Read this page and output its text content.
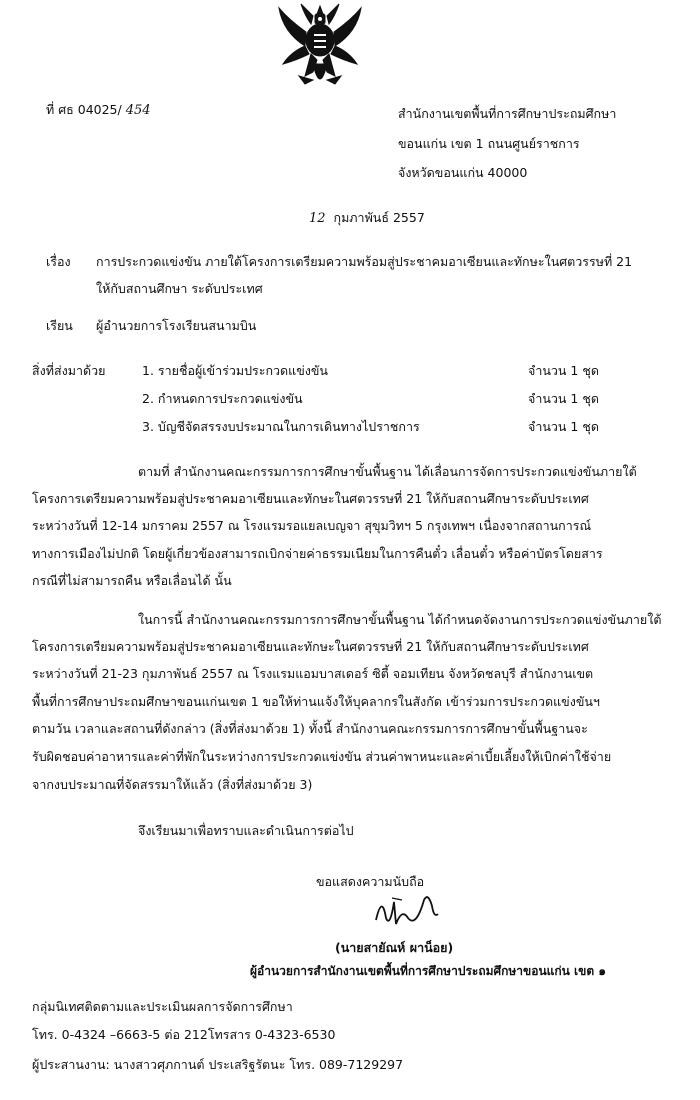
ที่ ศธ 04025/ 454	สำนักงานเขตพื้นที่การศึกษาประถมศึกษา
ขอนแก่น เขต 1 ถนนศูนย์ราชการ
จังหวัดขอนแก่น 40000
12 กุมภาพันธ์ 2557
เรื่อง การประกวดแข่งขัน ภายใต้โครงการเตรียมความพร้อมสู่ประชาคมอาเซียนและทักษะในศตวรรษที่ 21
ให้กับสถานศึกษา ระดับประเทศ
เรียน ผู้อำนวยการโรงเรียนสนามบิน
สิ่งที่ส่งมาด้วย	1. รายชื่อผู้เข้าร่วมประกวดแข่งขัน	จำนวน 1 ชุด
2. กำหนดการประกวดแข่งขัน	จำนวน 1 ชุด
3. บัญชีจัดสรรงบประมาณในการเดินทางไปราชการ	จำนวน 1 ชุด
ตามที่ สำนักงานคณะกรรมการการศึกษาขั้นพื้นฐาน ได้เลื่อนการจัดการประกวดแข่งขันภายใต้
โครงการเตรียมความพร้อมสู่ประชาคมอาเซียนและทักษะในศตวรรษที่ 21 ให้กับสถานศึกษาระดับประเทศ
ระหว่างวันที่ 12-14 มกราคม 2557 ณ โรงแรมรอแยลเบญจา สุขุมวิทฯ 5 กรุงเทพฯ เนื่องจากสถานการณ์
ทางการเมืองไม่ปกติ โดยผู้เกี่ยวข้องสามารถเบิกจ่ายค่าธรรมเนียมในการคืนตั๋ว เลื่อนตั๋ว หรือค่าบัตรโดยสาร
กรณีที่ไม่สามารถคืน หรือเลื่อนได้ นั้น
ในการนี้ สำนักงานคณะกรรมการการศึกษาขั้นพื้นฐาน ได้กำหนดจัดงานการประกวดแข่งขันภายใต้
โครงการเตรียมความพร้อมสู่ประชาคมอาเซียนและทักษะในศตวรรษที่ 21 ให้กับสถานศึกษาระดับประเทศ
ระหว่างวันที่ 21-23 กุมภาพันธ์ 2557 ณ โรงแรมแอมบาสเดอร์ ซิตี้ จอมเทียน จังหวัดชลบุรี สำนักงานเขต
พื้นที่การศึกษาประถมศึกษาขอนแก่นเขต 1 ขอให้ท่านแจ้งให้บุคลากรในสังกัด เข้าร่วมการประกวดแข่งขันฯ
ตามวัน เวลาและสถานที่ดังกล่าว (สิ่งที่ส่งมาด้วย 1) ทั้งนี้ สำนักงานคณะกรรมการการศึกษาขั้นพื้นฐานจะ
รับผิดชอบค่าอาหารและค่าที่พักในระหว่างการประกวดแข่งขัน ส่วนค่าพาหนะและค่าเบี้ยเลี้ยงให้เบิกค่าใช้จ่าย
จากงบประมาณที่จัดสรรมาให้แล้ว (สิ่งที่ส่งมาด้วย 3)
จึงเรียนมาเพื่อทราบและดำเนินการต่อไป
ขอแสดงความนับถือ
(นายสายัณห์ ผาน็อย)
ผู้อำนวยการสำนักงานเขตพื้นที่การศึกษาประถมศึกษาขอนแก่น เขต ๑
กลุ่มนิเทศติดตามและประเมินผลการจัดการศึกษา
โทร. 0-4324 –6663-5 ต่อ 212โทรสาร 0-4323-6530
ผู้ประสานงาน: นางสาวศุภกานต์ ประเสริฐรัตนะ โทร. 089-7129297
